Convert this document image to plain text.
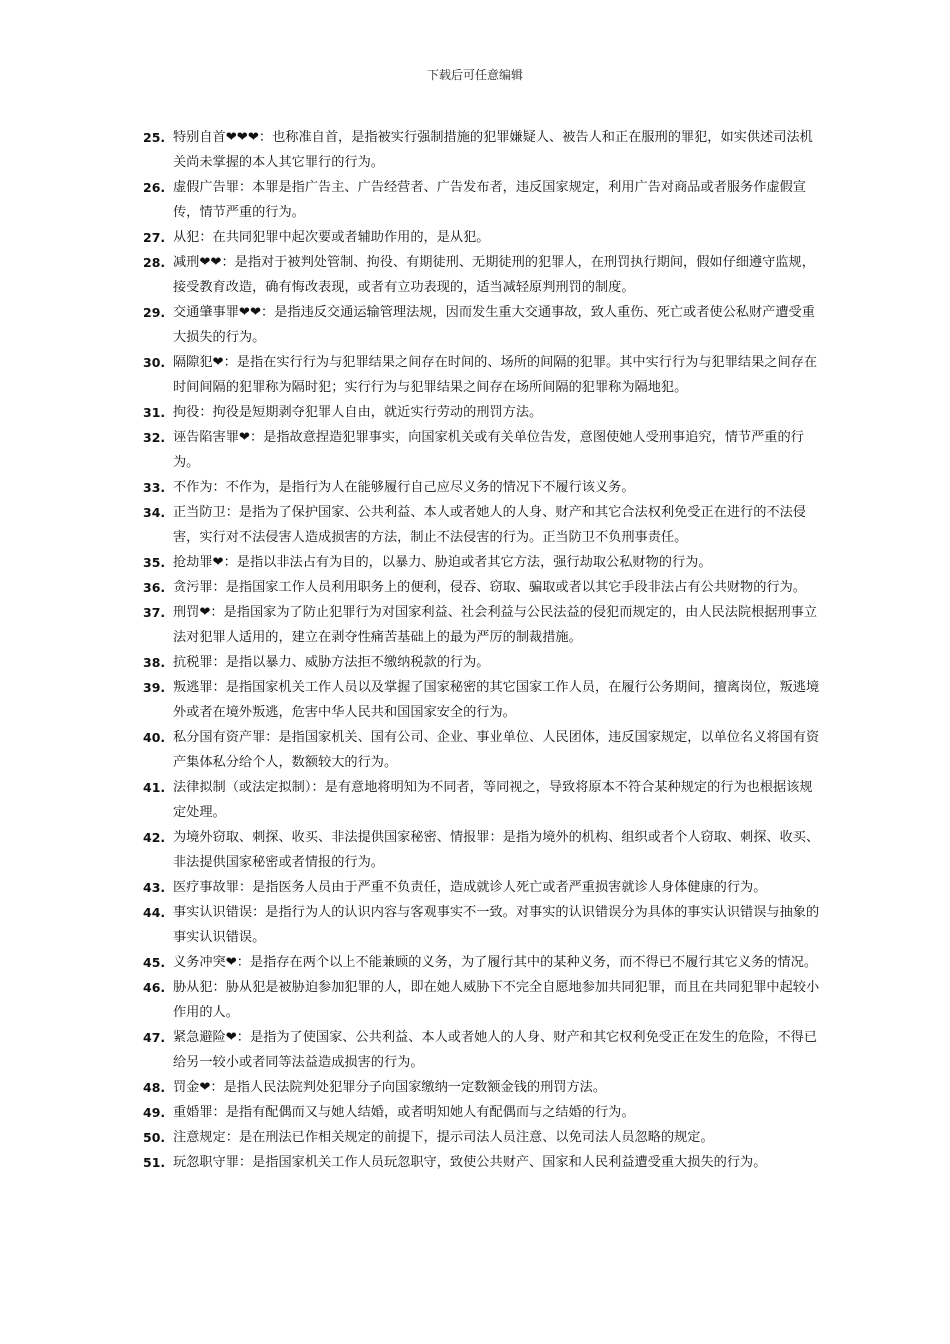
下载后可任意编辑
25. 特别自首❤❤❤：也称准自首，是指被实行强制措施的犯罪嫌疑人、被告人和正在服刑的罪犯，如实供述司法机关尚未掌握的本人其它罪行的行为。
26. 虚假广告罪：本罪是指广告主、广告经营者、广告发布者，违反国家规定，利用广告对商品或者服务作虚假宣传，情节严重的行为。
27. 从犯：在共同犯罪中起次要或者辅助作用的，是从犯。
28. 减刑❤❤：是指对于被判处管制、拘役、有期徒刑、无期徒刑的犯罪人，在刑罚执行期间，假如仔细遵守监规，接受教育改造，确有悔改表现，或者有立功表现的，适当减轻原判刑罚的制度。
29. 交通肇事罪❤❤：是指违反交通运输管理法规，因而发生重大交通事故，致人重伤、死亡或者使公私财产遭受重大损失的行为。
30. 隔隙犯❤：是指在实行行为与犯罪结果之间存在时间的、场所的间隔的犯罪。其中实行行为与犯罪结果之间存在时间间隔的犯罪称为隔时犯；实行行为与犯罪结果之间存在场所间隔的犯罪称为隔地犯。
31. 拘役：拘役是短期剥夺犯罪人自由，就近实行劳动的刑罚方法。
32. 诬告陷害罪❤：是指故意捏造犯罪事实，向国家机关或有关单位告发，意图使她人受刑事追究，情节严重的行为。
33. 不作为：不作为，是指行为人在能够履行自己应尽义务的情况下不履行该义务。
34. 正当防卫：是指为了保护国家、公共利益、本人或者她人的人身、财产和其它合法权利免受正在进行的不法侵害，实行对不法侵害人造成损害的方法，制止不法侵害的行为。正当防卫不负刑事责任。
35. 抢劫罪❤：是指以非法占有为目的，以暴力、胁迫或者其它方法，强行劫取公私财物的行为。
36. 贪污罪：是指国家工作人员利用职务上的便利，侵吞、窃取、骗取或者以其它手段非法占有公共财物的行为。
37. 刑罚❤：是指国家为了防止犯罪行为对国家利益、社会利益与公民法益的侵犯而规定的，由人民法院根据刑事立法对犯罪人适用的，建立在剥夺性痛苦基础上的最为严厉的制裁措施。
38. 抗税罪：是指以暴力、威胁方法拒不缴纳税款的行为。
39. 叛逃罪：是指国家机关工作人员以及掌握了国家秘密的其它国家工作人员，在履行公务期间，擅离岗位，叛逃境外或者在境外叛逃，危害中华人民共和国国家安全的行为。
40. 私分国有资产罪：是指国家机关、国有公司、企业、事业单位、人民团体，违反国家规定，以单位名义将国有资产集体私分给个人，数额较大的行为。
41. 法律拟制（或法定拟制）：是有意地将明知为不同者，等同视之，导致将原本不符合某种规定的行为也根据该规定处理。
42. 为境外窃取、刺探、收买、非法提供国家秘密、情报罪：是指为境外的机构、组织或者个人窃取、刺探、收买、非法提供国家秘密或者情报的行为。
43. 医疗事故罪：是指医务人员由于严重不负责任，造成就诊人死亡或者严重损害就诊人身体健康的行为。
44. 事实认识错误：是指行为人的认识内容与客观事实不一致。对事实的认识错误分为具体的事实认识错误与抽象的事实认识错误。
45. 义务冲突❤：是指存在两个以上不能兼顾的义务，为了履行其中的某种义务，而不得已不履行其它义务的情况。
46. 胁从犯：胁从犯是被胁迫参加犯罪的人，即在她人威胁下不完全自愿地参加共同犯罪，而且在共同犯罪中起较小作用的人。
47. 紧急避险❤：是指为了使国家、公共利益、本人或者她人的人身、财产和其它权利免受正在发生的危险，不得已给另一较小或者同等法益造成损害的行为。
48. 罚金❤：是指人民法院判处犯罪分子向国家缴纳一定数额金钱的刑罚方法。
49. 重婚罪：是指有配偶而又与她人结婚，或者明知她人有配偶而与之结婚的行为。
50. 注意规定：是在刑法已作相关规定的前提下，提示司法人员注意、以免司法人员忽略的规定。
51. 玩忽职守罪：是指国家机关工作人员玩忽职守，致使公共财产、国家和人民利益遭受重大损失的行为。
